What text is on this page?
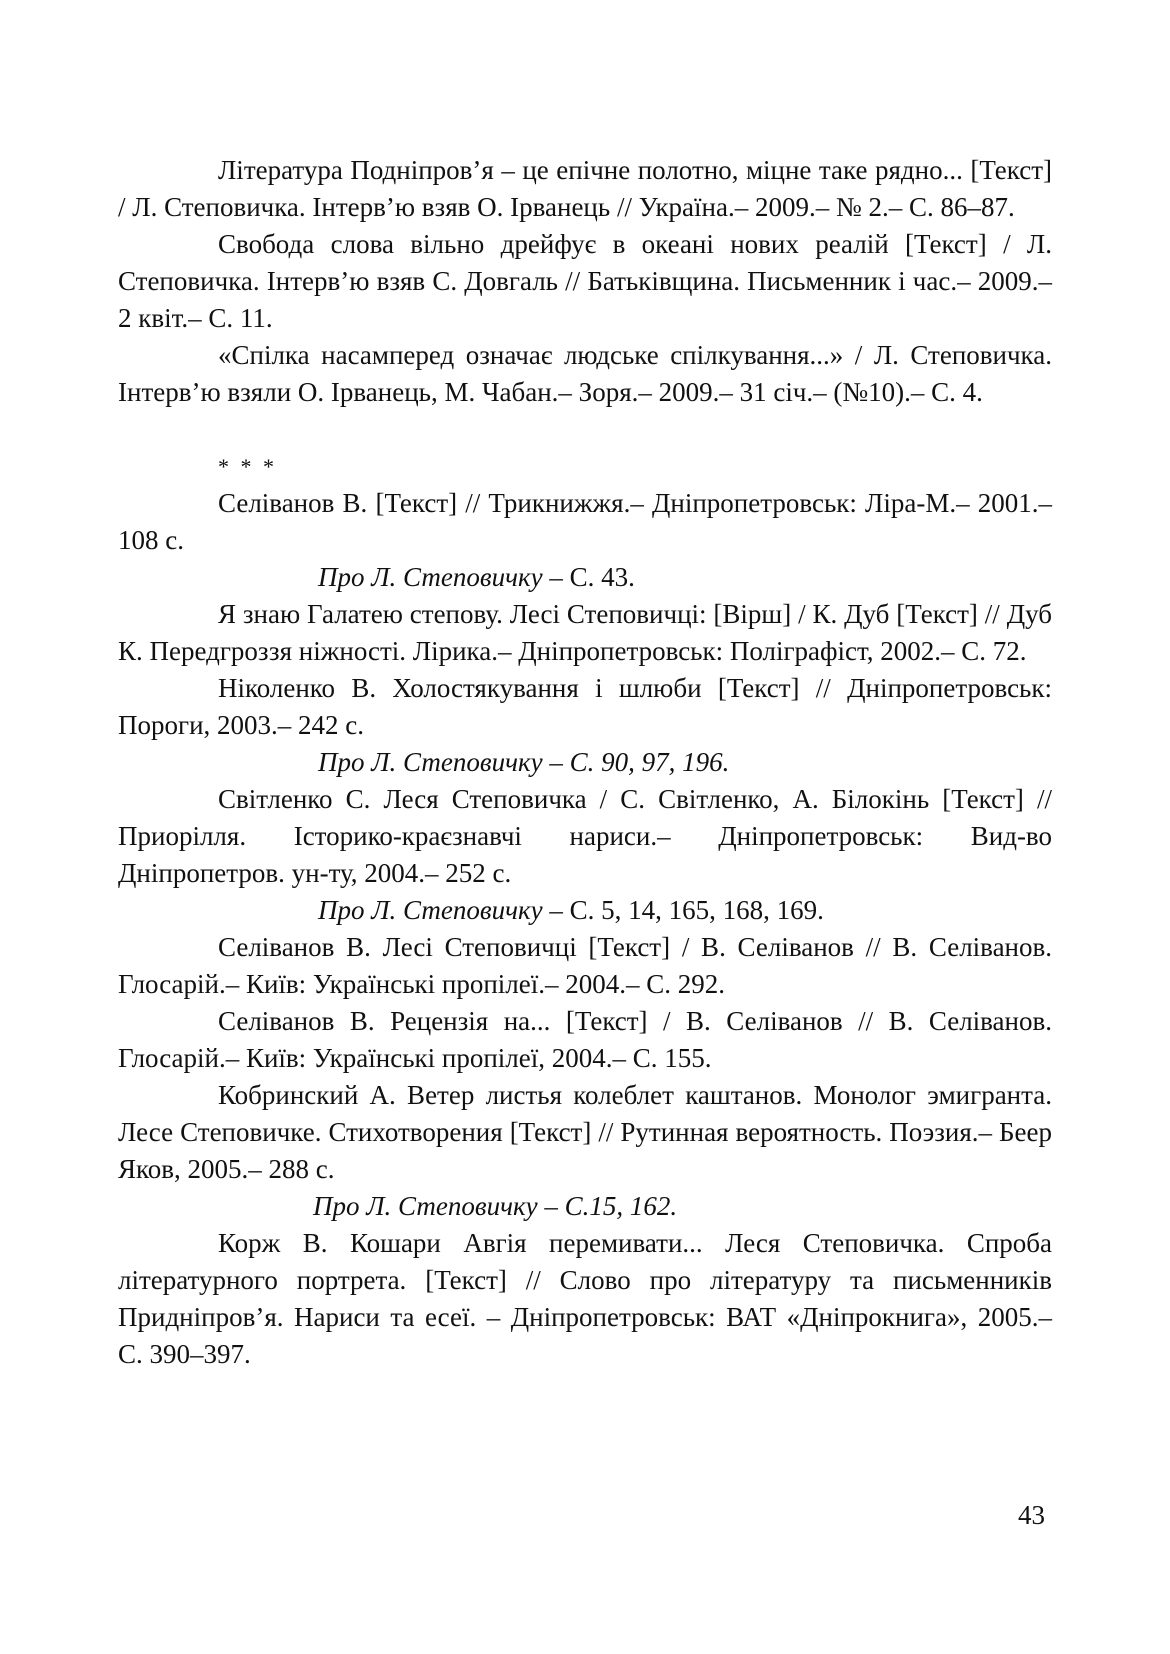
Література Подніпров’я – це епічне полотно, міцне таке рядно... [Текст] / Л. Степовичка. Інтерв’ю взяв О. Ірванець // Україна.– 2009.– № 2.– С. 86–87.

Свобода слова вільно дрейфує в океані нових реалій [Текст] / Л. Степовичка. Інтерв’ю взяв С. Довгаль // Батьківщина. Письменник і час.– 2009.– 2 квіт.– С. 11.

«Спілка насамперед означає людське спілкування...» / Л. Степовичка. Інтерв’ю взяли О. Ірванець, М. Чабан.– Зоря.– 2009.– 31 січ.– (№10).– С. 4.

* * *

Селіванов В. [Текст] // Трикнижжя.– Дніпропетровськ: Ліра-М.– 2001.– 108 с.

Про Л. Степовичку – С. 43.

Я знаю Галатею степову. Лесі Степовичці: [Вірш] / К. Дуб [Текст] // Дуб К. Передгроззя ніжності. Лірика.– Дніпропетровськ: Поліграфіст, 2002.– С. 72.

Ніколенко В. Холостякування і шлюби [Текст] // Дніпропетровськ: Пороги, 2003.– 242 с.

Про Л. Степовичку – С. 90, 97, 196.

Світленко С. Леся Степовичка / С. Світленко, А. Білокінь [Текст] // Приорілля. Історико-краєзнавчі нариси.– Дніпропетровськ: Вид-во Дніпропетров. ун-ту, 2004.– 252 с.

Про Л. Степовичку – С. 5, 14, 165, 168, 169.

Селіванов В. Лесі Степовичці [Текст] / В. Селіванов // В. Селіванов. Глосарій.– Київ: Українські пропілеї.– 2004.– С. 292.

Селіванов В. Рецензія на... [Текст] / В. Селіванов // В. Селіванов. Глосарій.– Київ: Українські пропілеї, 2004.– С. 155.

Кобринский А. Ветер листья колеблет каштанов. Монолог эмигранта. Лесе Степовичке. Стихотворения [Текст] // Рутинная вероятность. Поэзия.– Беер Яков, 2005.– 288 с.

Про Л. Степовичку – С.15, 162.

Корж В. Кошари Авгія перемивати... Леся Степовичка. Спроба літературного портрета. [Текст] // Слово про літературу та письменників Придніпров’я. Нариси та есеї. – Дніпропетровськ: ВАТ «Дніпрокнига», 2005.– С. 390–397.

43
